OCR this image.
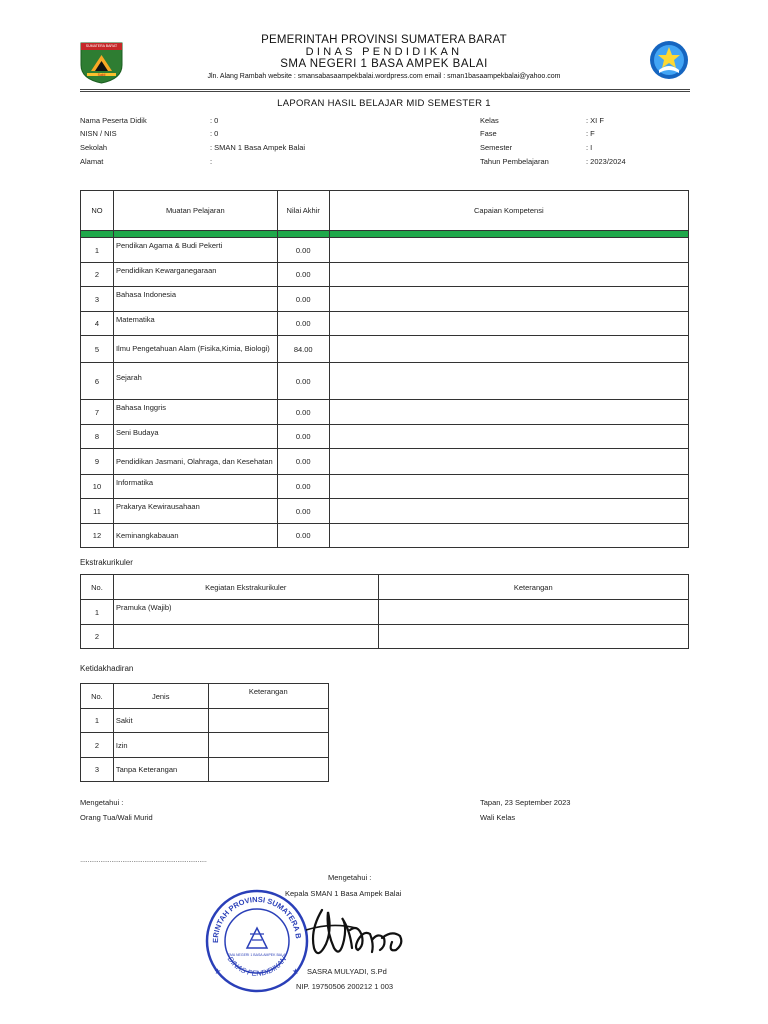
SUMATERA BARAT
Sakti
PEMERINTAH PROVINSI SUMATERA BARAT
DINAS PENDIDIKAN
SMA NEGERI 1 BASA AMPEK BALAI
Jln. Alang Rambah website : smansabasaampekbalai.wordpress.com email : sman1basaampekbalai@yahoo.com
LAPORAN HASIL BELAJAR MID SEMESTER 1
Nama Peserta Didik	: 0
NISN / NIS	: 0
Sekolah	: SMAN 1 Basa Ampek Balai
Alamat	:
Kelas	: XI F
Fase	: F
Semester	: I
Tahun Pembelajaran	: 2023/2024
NO	Muatan Pelajaran	Nilai Akhir	Capaian Kompetensi

1	Pendikan Agama & Budi Pekerti	0.00	
2	Pendidikan Kewarganegaraan	0.00	
3	Bahasa Indonesia	0.00	
4	Matematika	0.00	
5	Ilmu Pengetahuan Alam (Fisika,Kimia, Biologi)	84.00	
6	Sejarah	0.00	
7	Bahasa Inggris	0.00	
8	Seni Budaya	0.00	
9	Pendidikan Jasmani, Olahraga, dan Kesehatan	0.00	
10	Informatika	0.00	
11	Prakarya Kewirausahaan	0.00	
12	Keminangkabauan	0.00	
Ekstrakurikuler
No.	Kegiatan Ekstrakurikuler	Keterangan
1	Pramuka (Wajib)	
2		
Ketidakhadiran
No.	Jenis	Keterangan
1	Sakit	
2	Izin	
3	Tanpa Keterangan	
Mengetahui :
Orang Tua/Wali Murid
……………………………………………………………
Tapan, 23 September 2023
Wali Kelas
Mengetahui :
Kepala SMAN 1 Basa Ampek Balai
ERINTAH PROVINSI SUMATERA B
DINAS PENDIDIKAN
SMA NEGERI 1 BASA AMPEK BALAI
★	★ SASRA MULYADI, S.Pd
NIP. 19750506 200212 1 003
